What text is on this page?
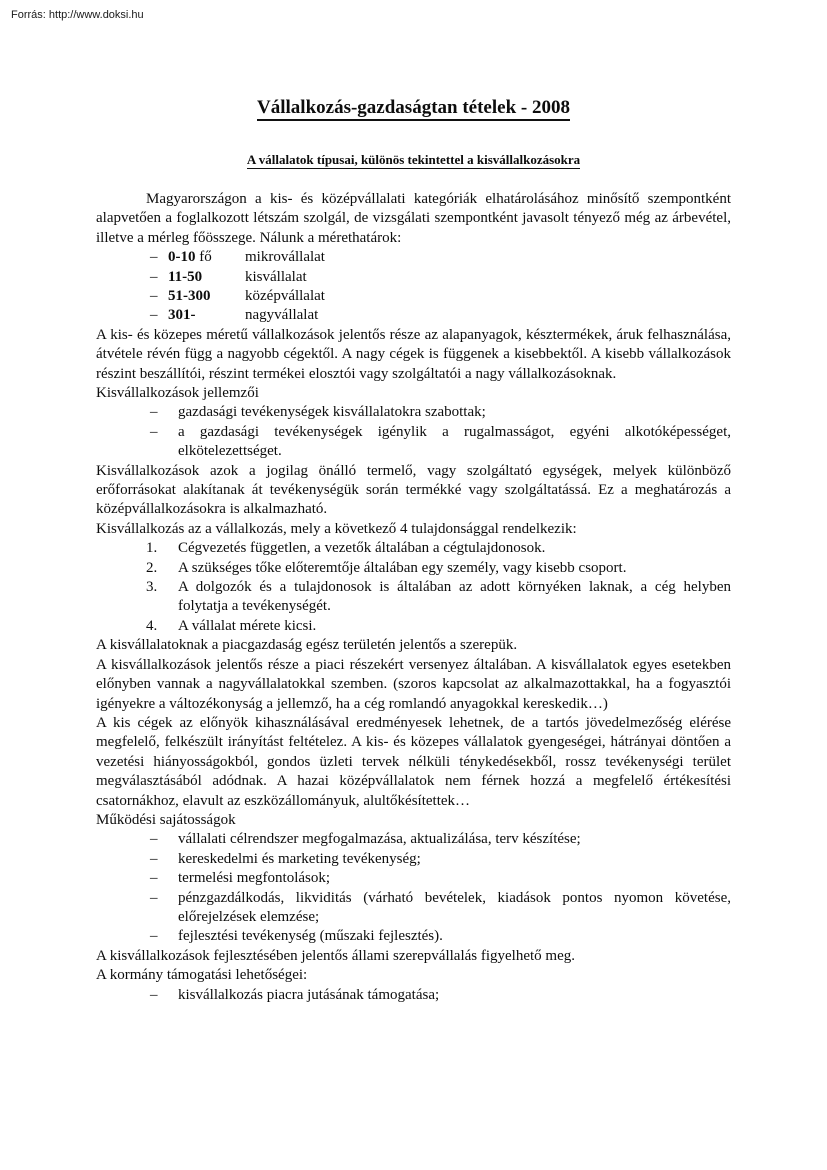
Forrás: http://www.doksi.hu
Vállalkozás-gazdaságtan tételek - 2008
A vállalatok típusai, különös tekintettel a kisvállalkozásokra

Magyarországon a kis- és középvállalati kategóriák elhatárolásához minősítő szempontként alapvetően a foglalkozott létszám szolgál, de vizsgálati szempontként javasolt tényező még az árbevétel, illetve a mérleg főösszege. Nálunk a mérethatárok:

– 0-10 fő mikrovállalat
– 11-50	kisvállalat
– 51-300 középvállalat
– 301-	nagyvállalat

A kis- és közepes méretű vállalkozások jelentős része az alapanyagok, késztermékek, áruk felhasználása, átvétele révén függ a nagyobb cégektől. A nagy cégek is függenek a kisebbektől. A kisebb vállalkozások részint beszállítói, részint termékei elosztói vagy szolgáltatói a nagy vállalkozásoknak.

Kisvállalkozások jellemzői

– gazdasági tevékenységek kisvállalatokra szabottak;
– a gazdasági tevékenységek igénylik a rugalmasságot, egyéni alkotóképességet, elkötelezettséget.

Kisvállalkozások azok a jogilag önálló termelő, vagy szolgáltató egységek, melyek különböző erőforrásokat alakítanak át tevékenységük során termékké vagy szolgáltatássá. Ez a meghatározás a középvállalkozásokra is alkalmazható.

Kisvállalkozás az a vállalkozás, mely a következő 4 tulajdonsággal rendelkezik:

1. Cégvezetés független, a vezetők általában a cégtulajdonosok.
2. A szükséges tőke előteremtője általában egy személy, vagy kisebb csoport.
3. A dolgozók és a tulajdonosok is általában az adott környéken laknak, a cég helyben folytatja a tevékenységét.
4. A vállalat mérete kicsi.

A kisvállalatoknak a piacgazdaság egész területén jelentős a szerepük.

A kisvállalkozások jelentős része a piaci részekért versenyez általában. A kisvállalatok egyes esetekben előnyben vannak a nagyvállalatokkal szemben. (szoros kapcsolat az alkalmazottakkal, ha a fogyasztói igényekre a változékonyság a jellemző, ha a cég romlandó anyagokkal kereskedik…)

A kis cégek az előnyök kihasználásával eredményesek lehetnek, de a tartós jövedelmezőség elérése megfelelő, felkészült irányítást feltételez. A kis- és közepes vállalatok gyengeségei, hátrányai döntően a vezetési hiányosságokból, gondos üzleti tervek nélküli ténykedésekből, rossz tevékenységi terület megválasztásából adódnak. A hazai középvállalatok nem férnek hozzá a megfelelő értékesítési csatornákhoz, elavult az eszközállományuk, alultőkésítettek…

Működési sajátosságok

– vállalati célrendszer megfogalmazása, aktualizálása, terv készítése;
– kereskedelmi és marketing tevékenység;
– termelési megfontolások;
– pénzgazdálkodás, likviditás (várható bevételek, kiadások pontos nyomon követése, előrejelzések elemzése;
– fejlesztési tevékenység (műszaki fejlesztés).

A kisvállalkozások fejlesztésében jelentős állami szerepvállalás figyelhető meg.

A kormány támogatási lehetőségei:

– kisvállalkozás piacra jutásának támogatása;
